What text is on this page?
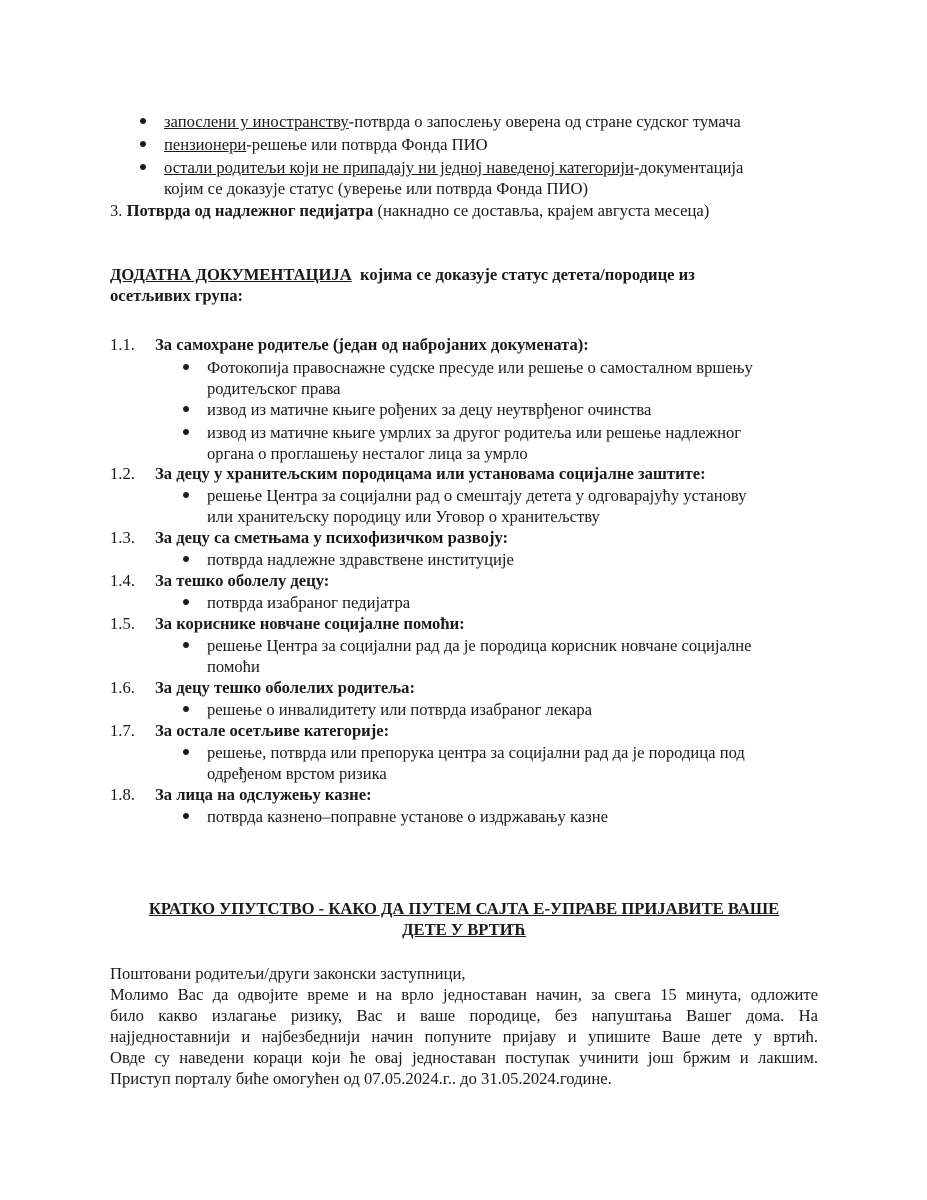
запослени у иностранству-потврда о запослењу оверена од стране судског тумача
пензионери-решење или потврда Фонда ПИО
остали родитељи који не припадају ни једној наведеној категорији-документација
којим се доказује статус (уверење или потврда Фонда ПИО)
3. Потврда од надлежног педијатра (накнадно се доставља, крајем августа месеца)
ДОДАТНА ДОКУМЕНТАЦИЈА  којима се доказује статус детета/породице из
осетљивих група:
1.1.	За самохране родитеље (један од набројаних докумената):
Фотокопија правоснажне судске пресуде или решење о самосталном вршењу
родитељског права
извод из матичне књиге рођених за децу неутврђеног очинства
извод из матичне књиге умрлих за другог родитеља или решење надлежног
органа о проглашењу несталог лица за умрло
1.2.	За децу у хранитељским породицама или установама социјалне заштите:
решење Центра за социјални рад о смештају детета у одговарајућу установу
или хранитељску породицу или Уговор о хранитељству
1.3.	За децу са сметњама у психофизичком развоју:
потврда надлежне здравствене институције
1.4.	За тешко оболелу децу:
потврда изабраног педијатра
1.5.	За кориснике новчане социјалне помоћи:
решење Центра за социјални рад да је породица корисник новчане социјалне
помоћи
1.6.	За децу тешко оболелих родитеља:
решење о инвалидитету или потврда изабраног лекара
1.7.	За остале осетљиве категорије:
решење, потврда или препорука центра за социјални рад да је породица под
одређеном врстом ризика
1.8.	За лица на одслужењу казне:
потврда казнено–поправне установе о издржавању казне
КРАТКО УПУТСТВО - КАКО ДА ПУТЕМ САЈТА Е-УПРАВЕ ПРИЈАВИТЕ ВАШЕ
ДЕТЕ У ВРТИЋ
Поштовани родитељи/други законски заступници,
Молимо Вас да одвојите време и на врло једноставан начин, за свега 15 минута, одложите
било какво излагање ризику, Вас и ваше породице, без напуштања Вашег дома. На
најједноставнији и најбезбеднији начин попуните пријаву и упишите Ваше дете у вртић.
Овде су наведени кораци који ће овај једноставан поступак учинити још бржим и лакшим.
Приступ порталу биће омогућен од 07.05.2024.г.. до 31.05.2024.године.
